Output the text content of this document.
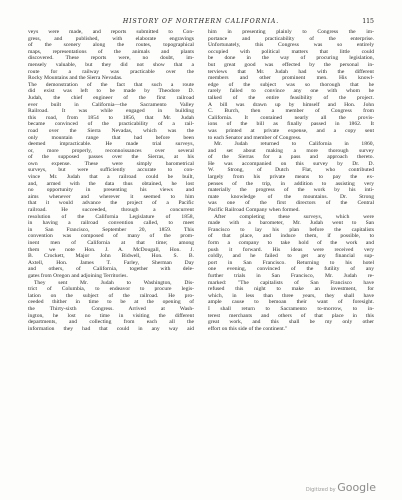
HISTORY OF NORTHERN CALIFORNIA.	115
veys were made, and reports submitted to Con-
gress, and published, with elaborate engravings
of the scenery along the routes, topographical
maps, representations of the animals and plants
discovered. These reports were, no doubt, im-
mensely valuable, but they did not show that a
route for a railway was practicable over the
Rocky Mountains and the Sierra Nevadas.
The demonstration of the fact that such a route
did exist was left to be made by Theodore D.
Judah, the chief engineer of the first railroad
ever built in California—the Sacramento Valley
Railroad. It was while engaged in building
this road, from 1854 to 1856, that Mr. Judah
became convinced of the practicability of a rail-
road over the Sierra Nevadas, which was the
only mountain range that had before been
deemed impracticable. He made trial surveys,
or, more properly, reconnoissances over several
of the supposed passes over the Sierras, at his
own expense. These were simply barometrical
surveys, but were sufficiently accurate to con-
vince Mr. Judah that a railroad could be built,
and, armed with the data thus obtained, he lost
no opportunity in presenting his views and
aims whenever and wherever it seemed to him
that it would advance the project of a Pacific
railroad. He succeeded, through a concurrent
resolution of the California Legislature of 1858,
in having a railroad convention called, to meet
in San Francisco, September 20, 1859. This
convention was composed of many of the prom-
inent men of California at that time; among
them we note Hon. J. A. McDougall, Hon. J.
B. Crockett, Major John Bidwell, Hon. S. B.
Axtell, Hon. James T. Farley, Sherman Day
and others, of California, together with dele-
gates from Oregon and adjoining Territories.
They sent Mr. Judah to Washington, Dis-
trict of Columbia, to endeavor to procure legis-
lation on the subject of the railroad. He pro-
ceeded thither in time to be at the opening of
the Thirty-sixth Congress. Arrived at Wash-
ington, he lost no time in visiting the different
departments, and collecting from each all the
information they had that could in any way aid
him in presenting plainly to Congress the im-
portance and practicability of the enterprise.
Unfortunately, this Congress was so entirely
occupied with political matters that little could
be done in the way of procuring legislation,
but great good was effected by the personal in-
terviews that Mr. Judah had with the different
members and other prominent men. His knowl-
edge of the subject was so thorough that he
rarely failed to convince any one with whom he
talked of the entire feasibility of the project.
A bill was drawn up by himself and Hon. John
C. Burch, then a member of Congress from
California. It contained nearly all the provis-
ions of the bill as finally passed in 1862. It
was printed at private expense, and a copy sent
to each Senator and member of Congress.
Mr. Judah returned to California in 1860,
and set about making a more thorough survey
of the Sierras for a pass and approach thereto.
He was accompanied on this survey by Dr. D.
W. Strong, of Dutch Flat, who contributed
largely from his private means to pay the ex-
penses of the trip, in addition to assisting very
materially the progress of the work by his inti-
mate knowledge of the mountains. Dr. Strong
was one of the first directors of the Central
Pacific Railroad Company when formed.
After completing these surveys, which were
made with a barometer, Mr. Judah went to San
Francisco to lay his plan before the capitalists
of that place, and induce them, if possible, to
form a company to take hold of the work and
push it forward. His ideas were received very
coldly, and he failed to get any financial sup-
port in San Francisco. Returning to his hotel
one evening, convinced of the futility of any
further trials in San Francisco, Mr. Judah re-
marked: "The capitalists of San Francisco have
refused this night to make an investment, for
which, in less than three years, they shall have
ample cause to bemoan their want of foresight.
I shall return to Sacramento to-morrow, to in-
terest merchants and others of that place in this
great work, and this shall be my only other
effort on this side of the continent."
Digitized by Google
